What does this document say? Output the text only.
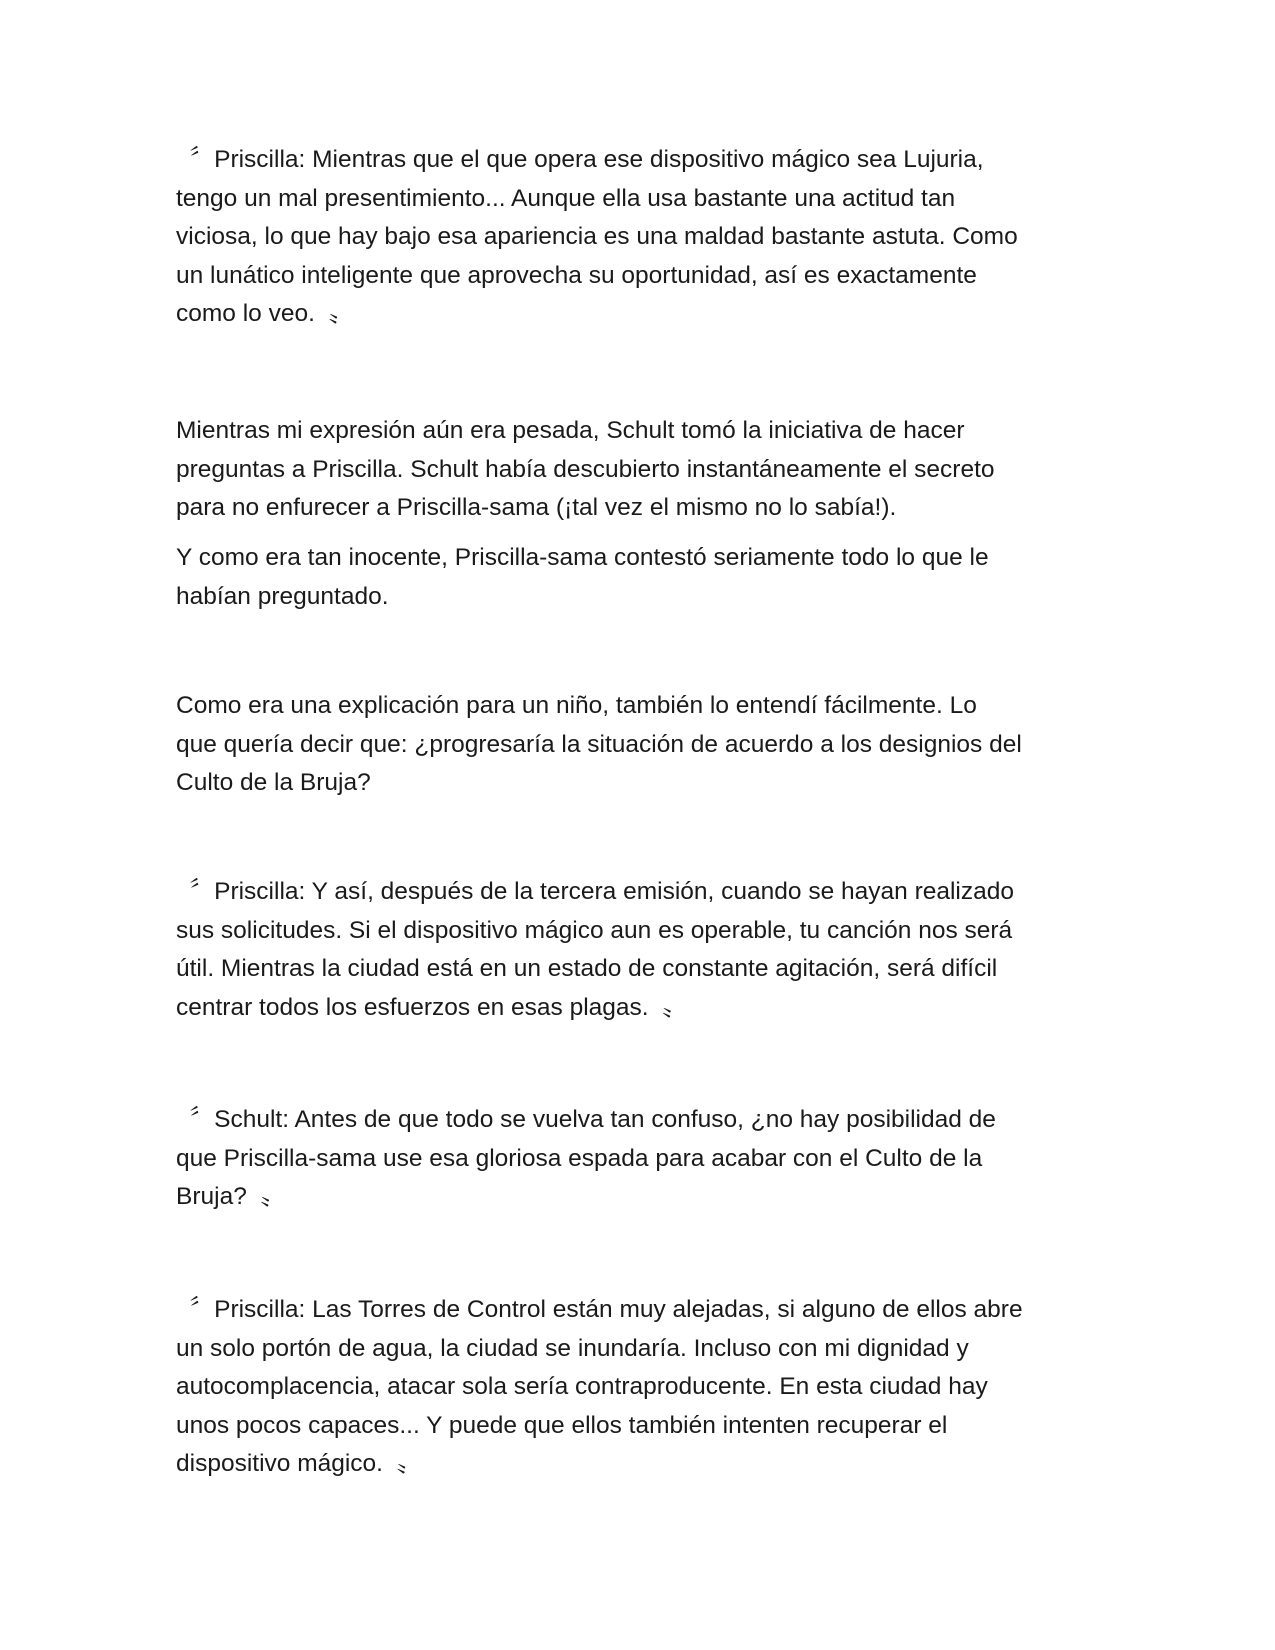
〞Priscilla: Mientras que el que opera ese dispositivo mágico sea Lujuria,
tengo un mal presentimiento... Aunque ella usa bastante una actitud tan
viciosa, lo que hay bajo esa apariencia es una maldad bastante astuta. Como
un lunático inteligente que aprovecha su oportunidad, así es exactamente
como lo veo.  〟

Mientras mi expresión aún era pesada, Schult tomó la iniciativa de hacer
preguntas a Priscilla. Schult había descubierto instantáneamente el secreto
para no enfurecer a Priscilla-sama (¡tal vez el mismo no lo sabía!).

Y como era tan inocente, Priscilla-sama contestó seriamente todo lo que le
habían preguntado.

Como era una explicación para un niño, también lo entendí fácilmente. Lo
que quería decir que: ¿progresaría la situación de acuerdo a los designios del
Culto de la Bruja?

〞Priscilla: Y así, después de la tercera emisión, cuando se hayan realizado
sus solicitudes. Si el dispositivo mágico aun es operable, tu canción nos será
útil. Mientras la ciudad está en un estado de constante agitación, será difícil
centrar todos los esfuerzos en esas plagas.  〟

〞Schult: Antes de que todo se vuelva tan confuso, ¿no hay posibilidad de
que Priscilla-sama use esa gloriosa espada para acabar con el Culto de la
Bruja?  〟

〞Priscilla: Las Torres de Control están muy alejadas, si alguno de ellos abre
un solo portón de agua, la ciudad se inundaría. Incluso con mi dignidad y
autocomplacencia, atacar sola sería contraproducente. En esta ciudad hay
unos pocos capaces... Y puede que ellos también intenten recuperar el
dispositivo mágico.  〟
